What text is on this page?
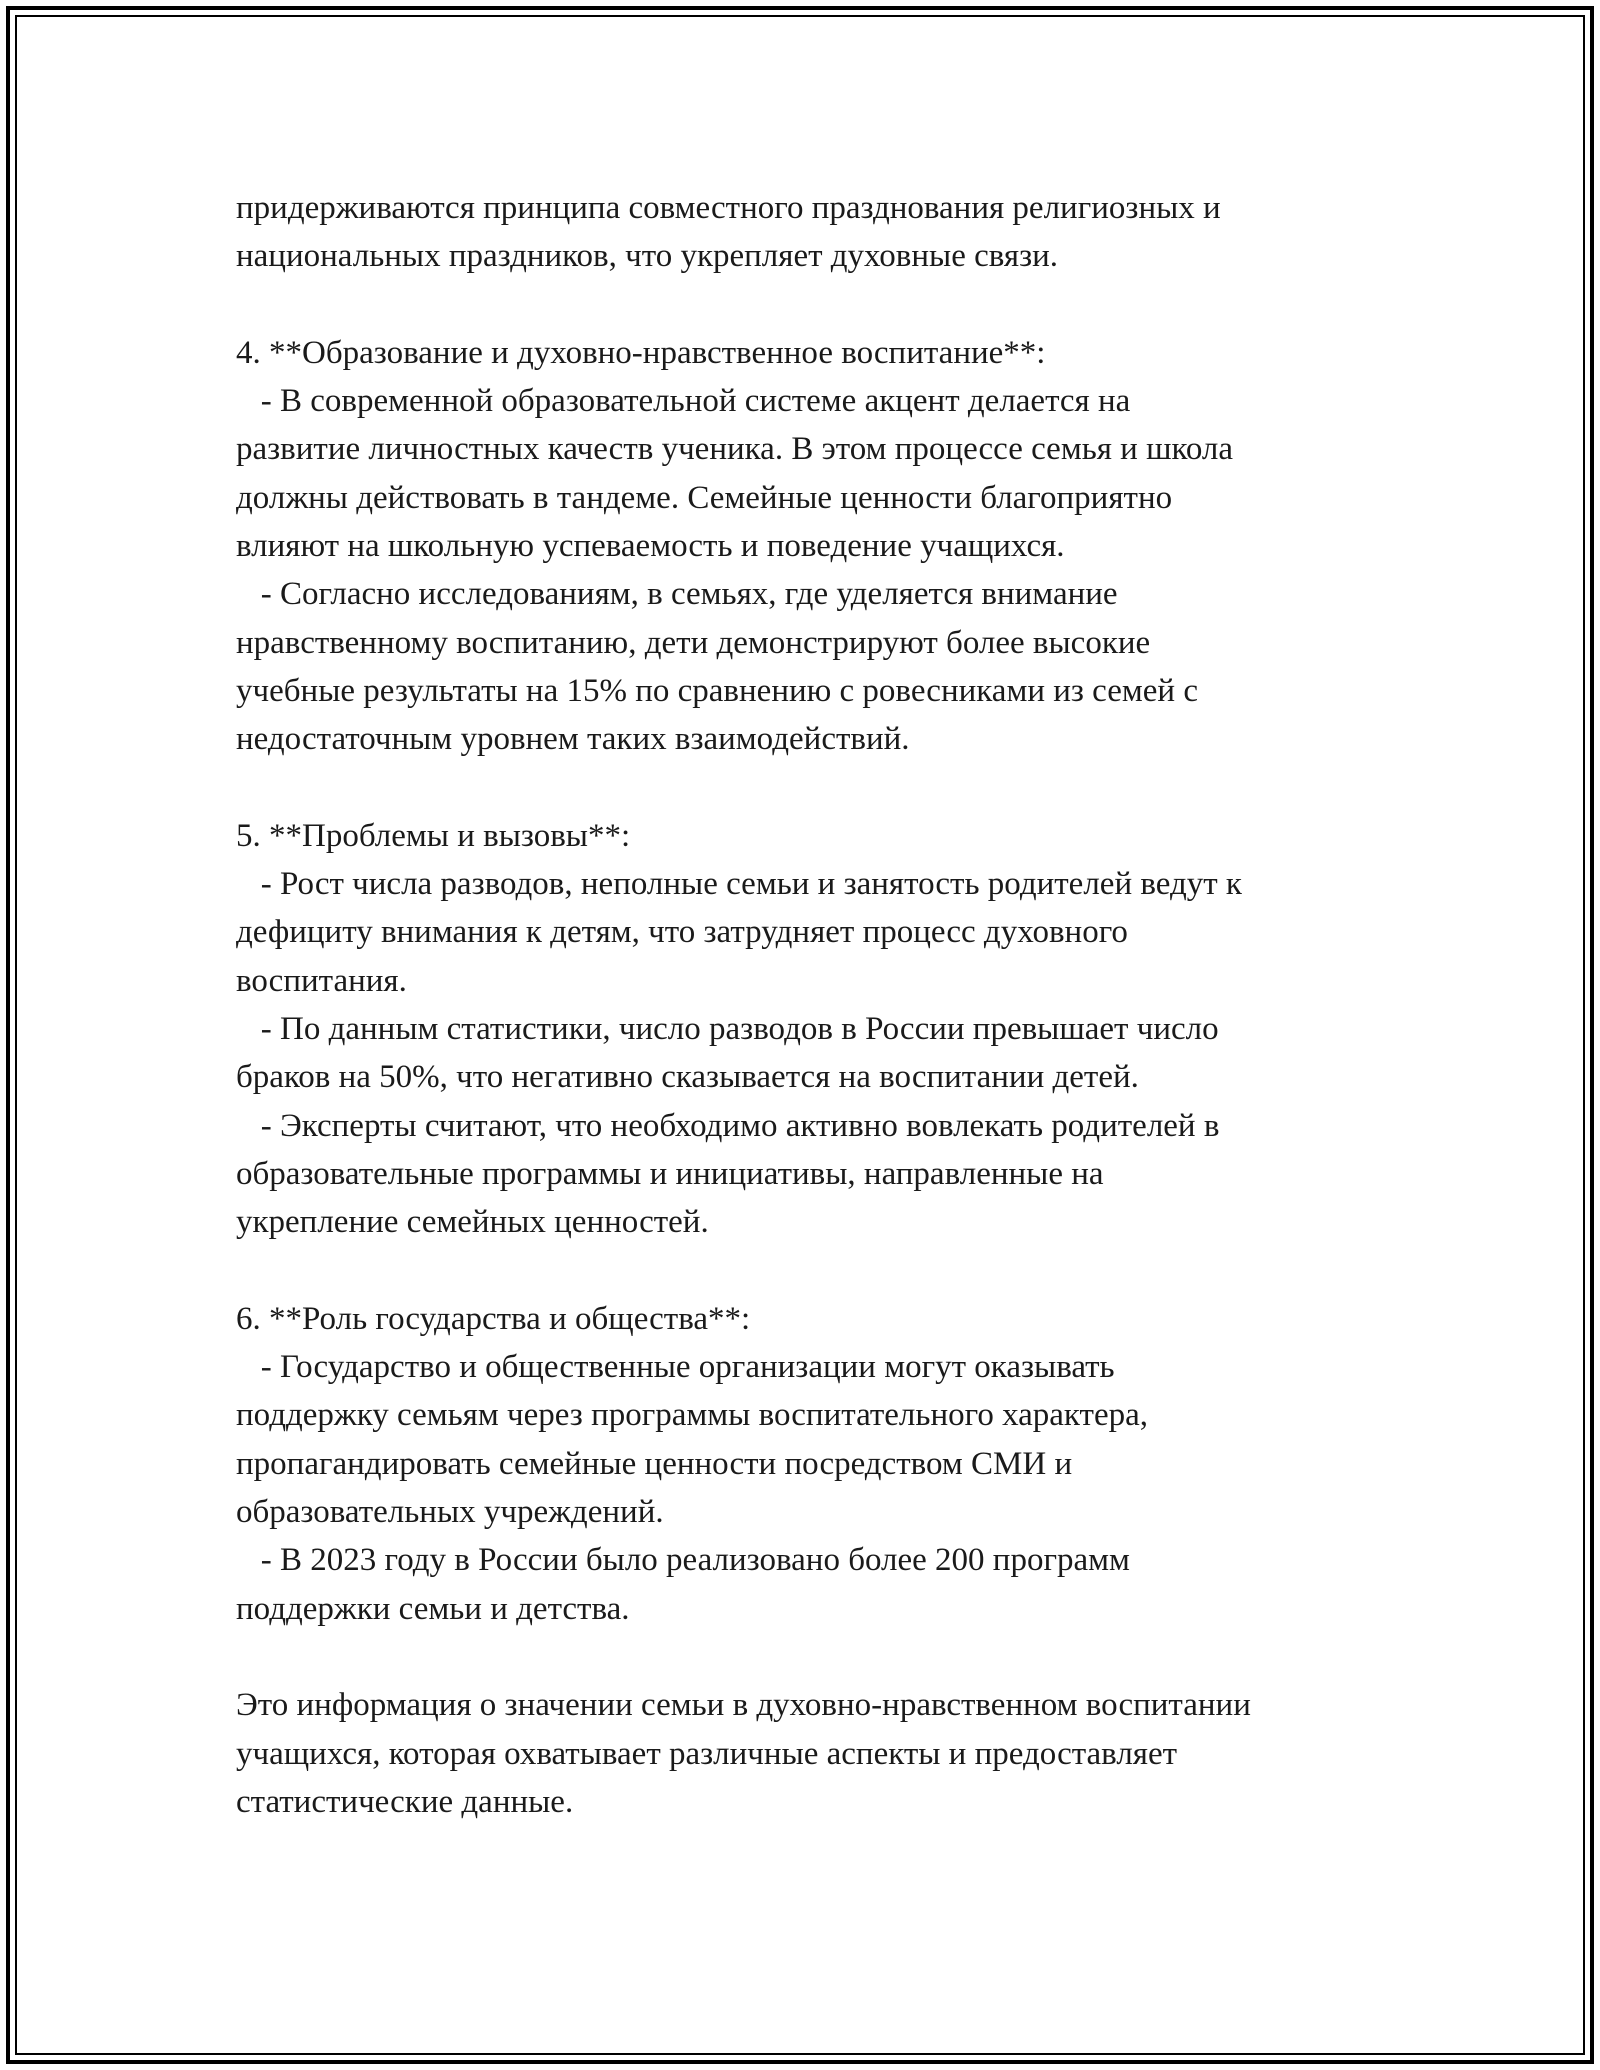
придерживаются принципа совместного празднования религиозных и
национальных праздников, что укрепляет духовные связи.
4. **Образование и духовно-нравственное воспитание**:
- В современной образовательной системе акцент делается на
развитие личностных качеств ученика. В этом процессе семья и школа
должны действовать в тандеме. Семейные ценности благоприятно
влияют на школьную успеваемость и поведение учащихся.
- Согласно исследованиям, в семьях, где уделяется внимание
нравственному воспитанию, дети демонстрируют более высокие
учебные результаты на 15% по сравнению с ровесниками из семей с
недостаточным уровнем таких взаимодействий.
5. **Проблемы и вызовы**:
- Рост числа разводов, неполные семьи и занятость родителей ведут к
дефициту внимания к детям, что затрудняет процесс духовного
воспитания.
- По данным статистики, число разводов в России превышает число
браков на 50%, что негативно сказывается на воспитании детей.
- Эксперты считают, что необходимо активно вовлекать родителей в
образовательные программы и инициативы, направленные на
укрепление семейных ценностей.
6. **Роль государства и общества**:
- Государство и общественные организации могут оказывать
поддержку семьям через программы воспитательного характера,
пропагандировать семейные ценности посредством СМИ и
образовательных учреждений.
- В 2023 году в России было реализовано более 200 программ
поддержки семьи и детства.
Это информация о значении семьи в духовно-нравственном воспитании
учащихся, которая охватывает различные аспекты и предоставляет
статистические данные.
